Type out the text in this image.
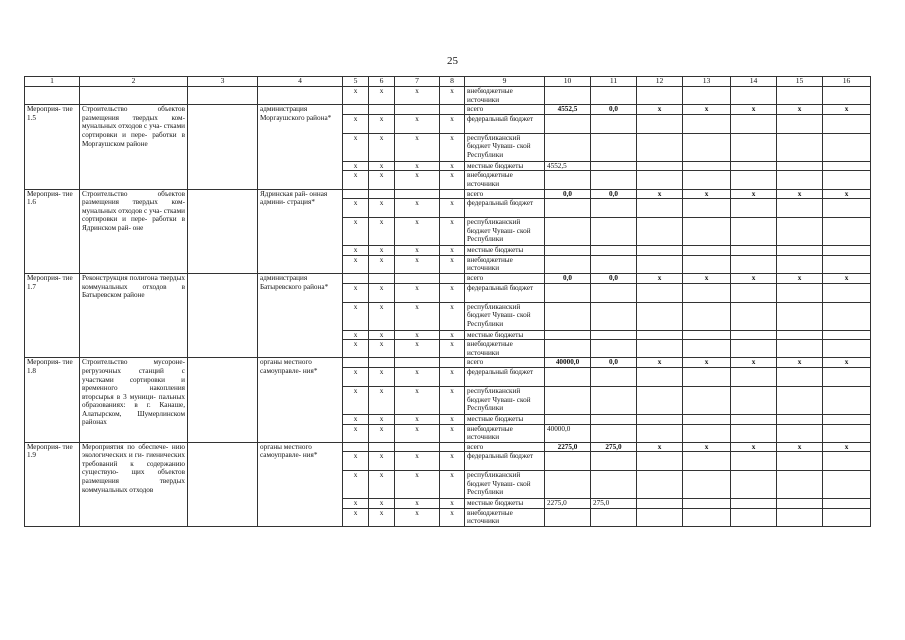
25
1	2	3	4	5	6	7	8	9	10	11	12	13	14	15	16
				х	х	х	х	внебюджетные источники							
Мероприя- тие 1.5	Строительство объектов размещения твердых ком- мунальных отходов с уча- стками сортировки и пере- работки в Моргаушском районе		администрация Моргаушского района*					всего	4552,5	0,0	х	х	х	х	х
				х	х	х	х	федеральный бюджет							
				х	х	х	х	республиканский бюджет Чуваш- ской Республики							
				х	х	х	х	местные бюджеты	4552,5						
				х	х	х	х	внебюджетные источники							
Мероприя- тие 1.6	Строительство объектов размещения твердых ком- мунальных отходов с уча- стками сортировки и пере- работки в Ядринском рай- оне		Ядринская рай- онная админи- страция*					всего	0,0	0,0	х	х	х	х	х
				х	х	х	х	федеральный бюджет							
				х	х	х	х	республиканский бюджет Чуваш- ской Республики							
				х	х	х	х	местные бюджеты							
				х	х	х	х	внебюджетные источники							
Мероприя- тие 1.7	Реконструкция полигона твердых коммунальных отходов в Батыревском районе		администрация Батыревского района*					всего	0,0	0,0	х	х	х	х	х
				х	х	х	х	федеральный бюджет							
				х	х	х	х	республиканский бюджет Чуваш- ской Республики							
				х	х	х	х	местные бюджеты							
				х	х	х	х	внебюджетные источники							
Мероприя- тие 1.8	Строительство мусороне- регрузочных станций с участками сортировки и временного накопления вторсырья в 3 муници- пальных образованиях: в г. Канаше, Алатырском, Шумерлинском районах		органы местного самоуправле- ния*					всего	40000,0	0,0	х	х	х	х	х
				х	х	х	х	федеральный бюджет							
				х	х	х	х	республиканский бюджет Чуваш- ской Республики							
				х	х	х	х	местные бюджеты							
				х	х	х	х	внебюджетные источники	40000,0						
Мероприя- тие 1.9	Мероприятия по обеспече- нию экологических и ги- гиенических требований к содержанию существую- щих объектов размещения твердых коммунальных отходов		органы местного самоуправле- ния*					всего	2275,0	275,0	х	х	х	х	х
				х	х	х	х	федеральный бюджет							
				х	х	х	х	республиканский бюджет Чуваш- ской Республики							
				х	х	х	х	местные бюджеты	2275,0	275,0					
				х	х	х	х	внебюджетные источники							
